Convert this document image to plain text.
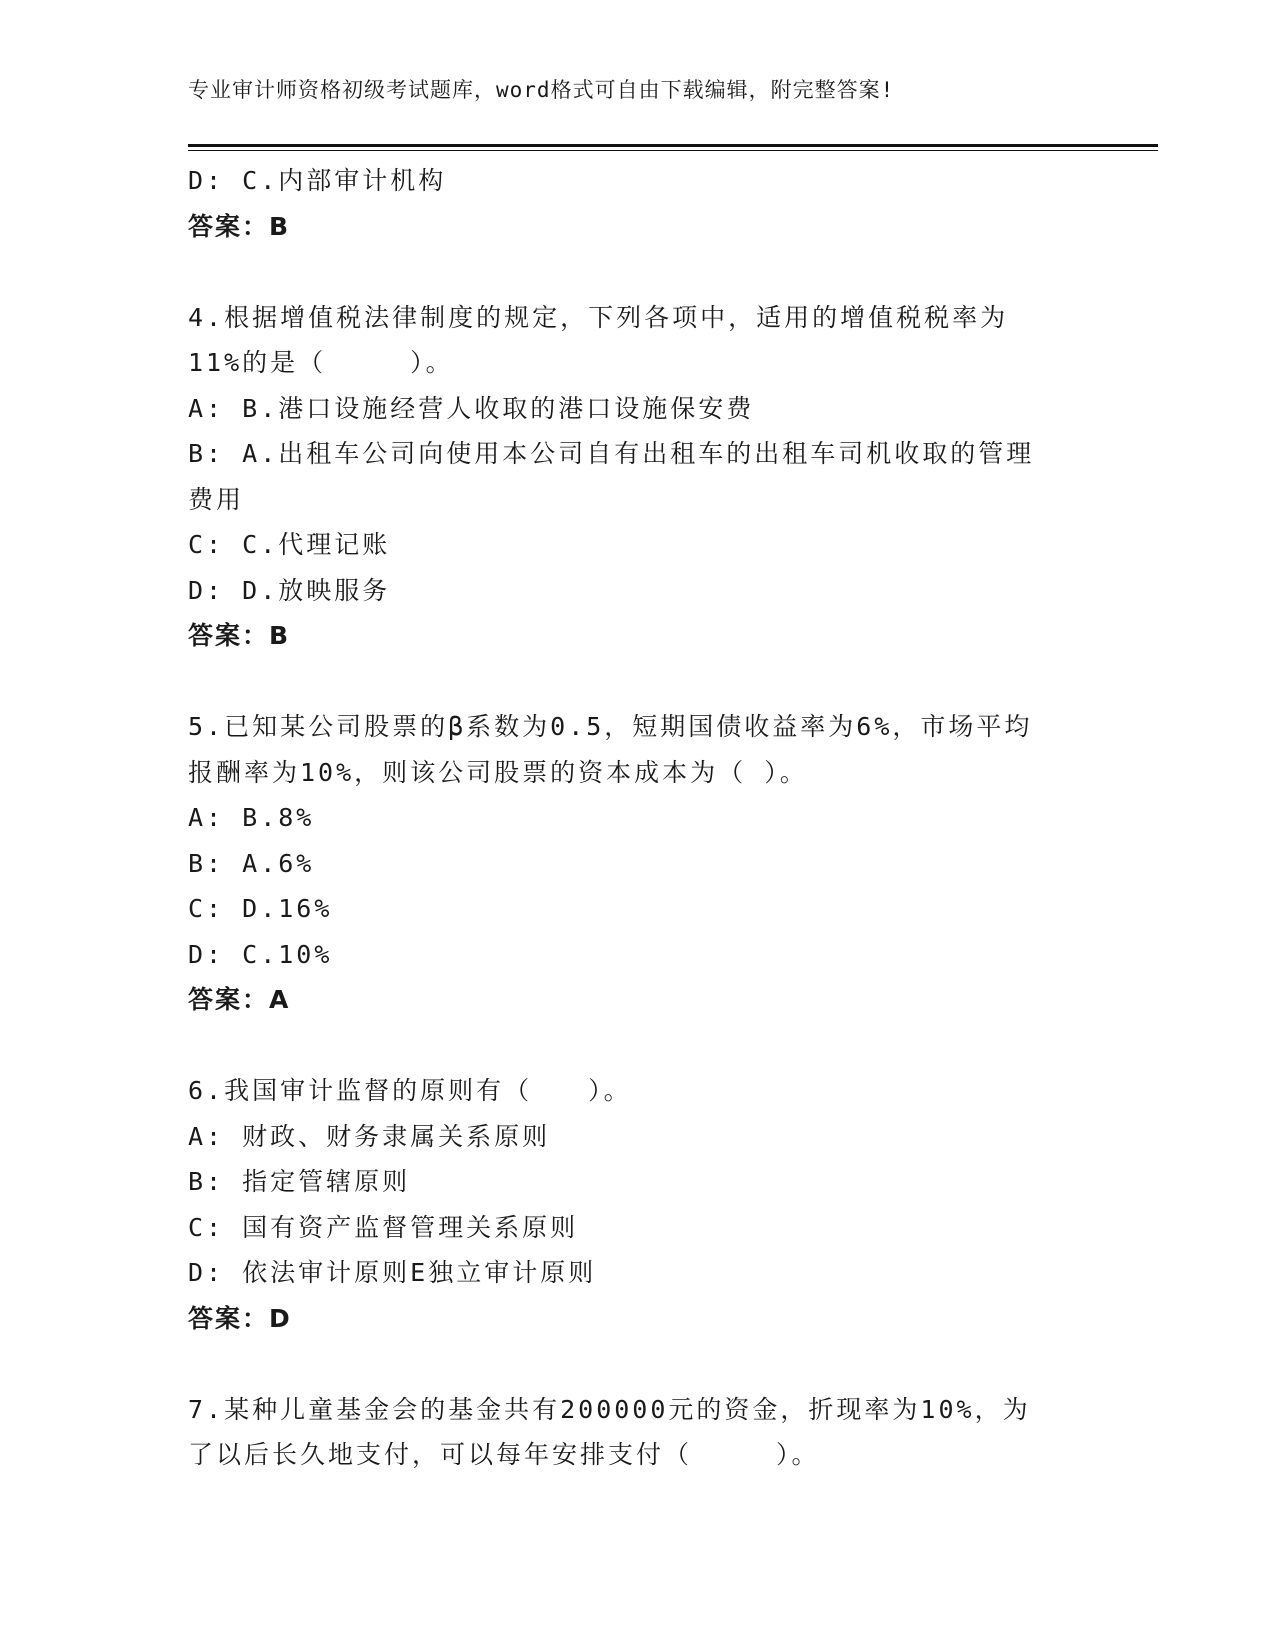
专业审计师资格初级考试题库，word格式可自由下载编辑，附完整答案!
D: C.内部审计机构
答案：B
4.根据增值税法律制度的规定，下列各项中，适用的增值税税率为11%的是（　　　）。
A: B.港口设施经营人收取的港口设施保安费
B: A.出租车公司向使用本公司自有出租车的出租车司机收取的管理费用
C: C.代理记账
D: D.放映服务
答案：B
5.已知某公司股票的β系数为0.5，短期国债收益率为6%，市场平均报酬率为10%，则该公司股票的资本成本为（ ）。
A: B.8%
B: A.6%
C: D.16%
D: C.10%
答案：A
6.我国审计监督的原则有（　　）。
A: 财政、财务隶属关系原则
B: 指定管辖原则
C: 国有资产监督管理关系原则
D: 依法审计原则E独立审计原则
答案：D
7.某种儿童基金会的基金共有200000元的资金，折现率为10%，为了以后长久地支付，可以每年安排支付（　　　）。
